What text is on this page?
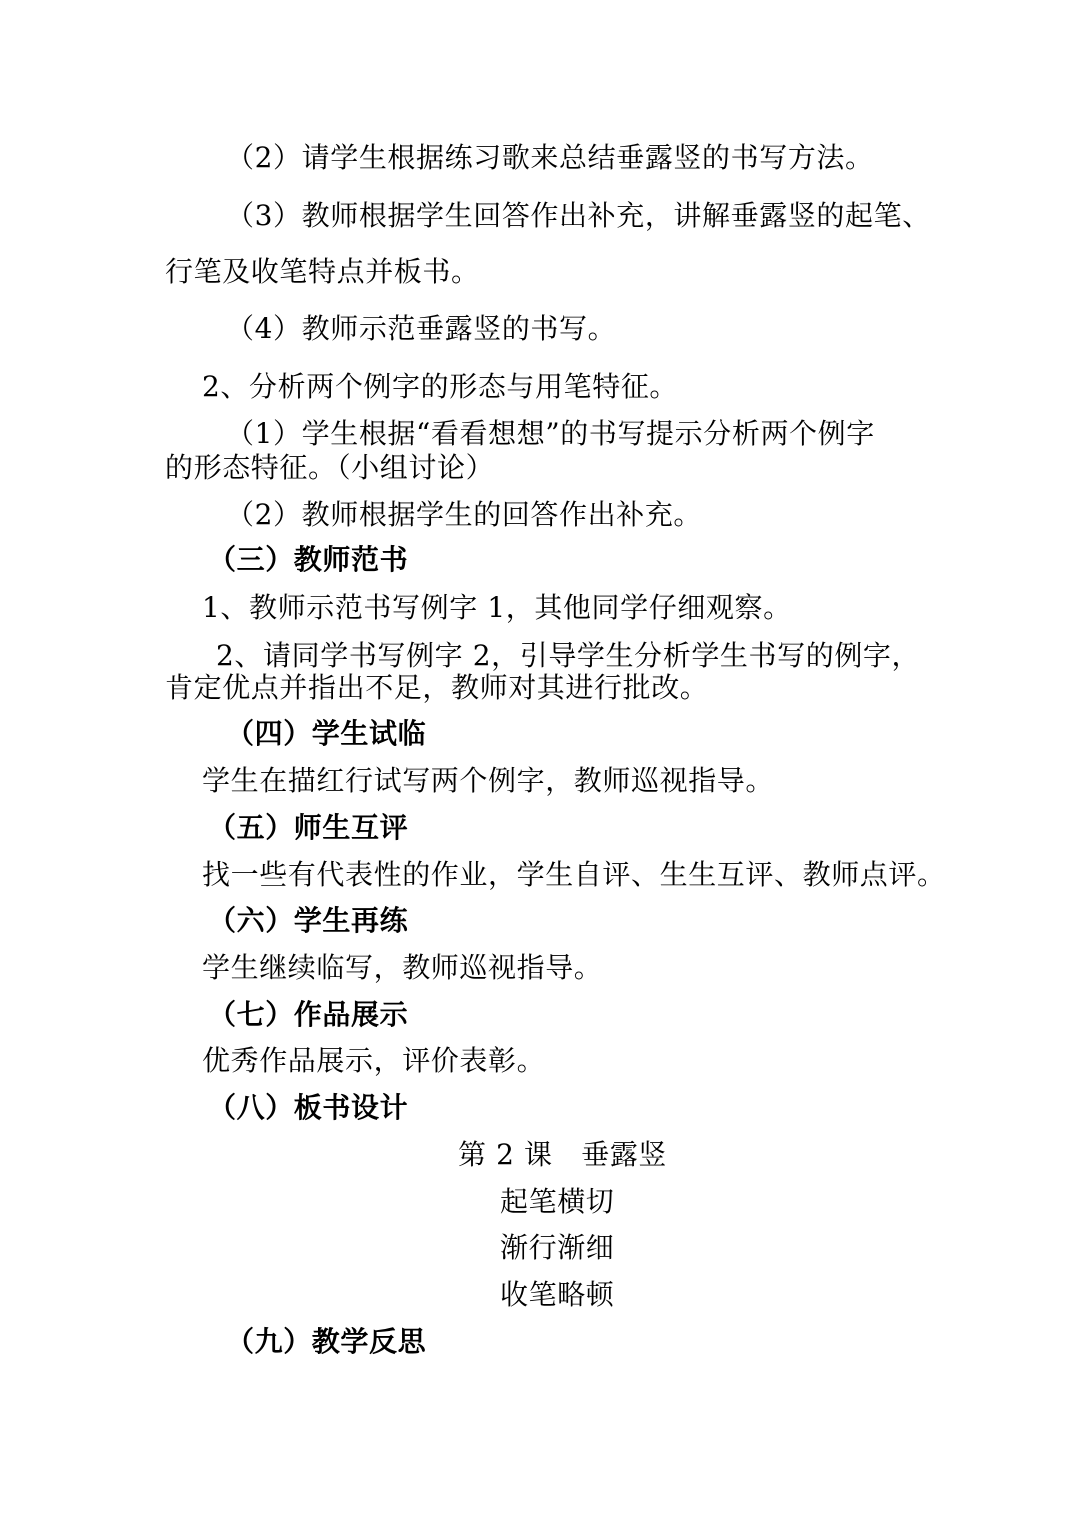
（2）请学生根据练习歌来总结垂露竖的书写方法。
（3）教师根据学生回答作出补充，讲解垂露竖的起笔、
行笔及收笔特点并板书。
（4）教师示范垂露竖的书写。
2、分析两个例字的形态与用笔特征。
（1）学生根据“看看想想”的书写提示分析两个例字
的形态特征。（小组讨论）
（2）教师根据学生的回答作出补充。
（三）教师范书
1、教师示范书写例字 1，其他同学仔细观察。
2、请同学书写例字 2，引导学生分析学生书写的例字，
肯定优点并指出不足，教师对其进行批改。
（四）学生试临
学生在描红行试写两个例字，教师巡视指导。
（五）师生互评
找一些有代表性的作业，学生自评、生生互评、教师点评。
（六）学生再练
学生继续临写，教师巡视指导。
（七）作品展示
优秀作品展示，评价表彰。
（八）板书设计
第 2 课　垂露竖
起笔横切
渐行渐细
收笔略顿
（九）教学反思
